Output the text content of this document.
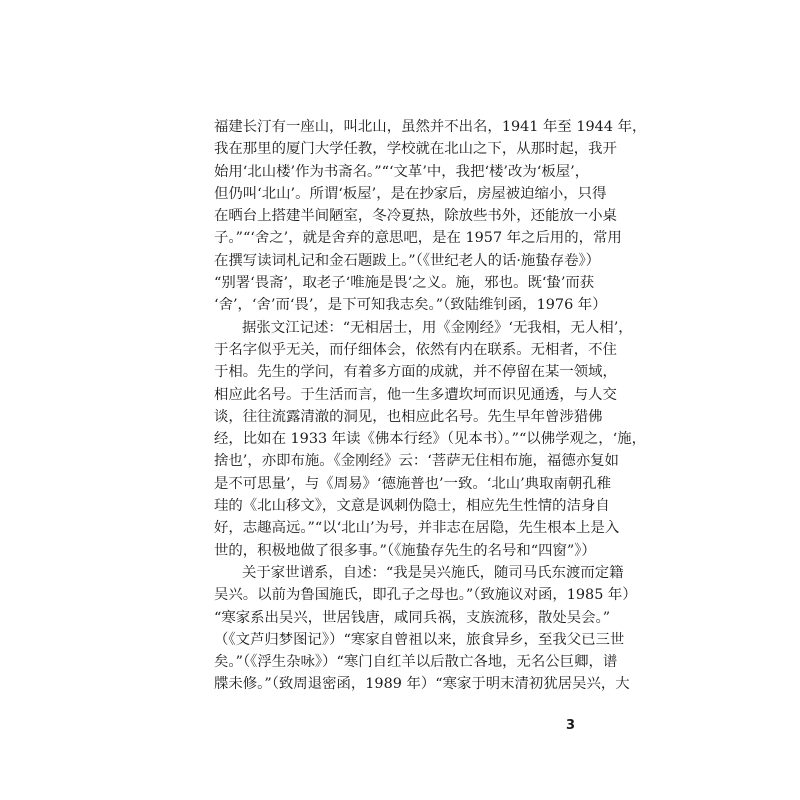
福建长汀有一座山，叫北山，虽然并不出名，1941 年至 1944 年，
我在那里的厦门大学任教，学校就在北山之下，从那时起，我开
始用‘北山楼’作为书斋名。”“‘文革’中，我把‘楼’改为‘板屋’，
但仍叫‘北山’。所谓‘板屋’，是在抄家后，房屋被迫缩小，只得
在晒台上搭建半间陋室，冬冷夏热，除放些书外，还能放一小桌
子。”“‘舍之’，就是舍弃的意思吧，是在 1957 年之后用的，常用
在撰写读词札记和金石题跋上。”（《世纪老人的话·施蛰存卷》）
“别署‘畏斋’，取老子‘唯施是畏’之义。施，邪也。既‘蛰’而获
‘舍’，‘舍’而‘畏’，是下可知我志矣。”（致陆维钊函，1976 年）
据张文江记述：“无相居士，用《金刚经》‘无我相，无人相’，
于名字似乎无关，而仔细体会，依然有内在联系。无相者，不住
于相。先生的学问，有着多方面的成就，并不停留在某一领域，
相应此名号。于生活而言，他一生多遭坎坷而识见通透，与人交
谈，往往流露清澈的洞见，也相应此名号。先生早年曾涉猎佛
经，比如在 1933 年读《佛本行经》（见本书）。”“以佛学观之，‘施，
捨也’，亦即布施。《金刚经》云：‘菩萨无住相布施，福德亦复如
是不可思量’，与《周易》‘德施普也’一致。‘北山’典取南朝孔稚
珪的《北山移文》，文意是讽刺伪隐士，相应先生性情的洁身自
好，志趣高远。”“以‘北山’为号，并非志在居隐，先生根本上是入
世的，积极地做了很多事。”（《施蛰存先生的名号和“四窗”》）
关于家世谱系，自述：“我是吴兴施氏，随司马氏东渡而定籍
吴兴。以前为鲁国施氏，即孔子之母也。”（致施议对函，1985 年）
“寒家系出吴兴，世居钱唐，咸同兵祸，支族流移，散处吴会。”
（《文芦归梦图记》）“寒家自曾祖以来，旅食异乡，至我父已三世
矣。”（《浮生杂咏》）“寒门自红羊以后散亡各地，无名公巨卿，谱
牒未修。”（致周退密函，1989 年）“寒家于明末清初犹居吴兴，大
3
